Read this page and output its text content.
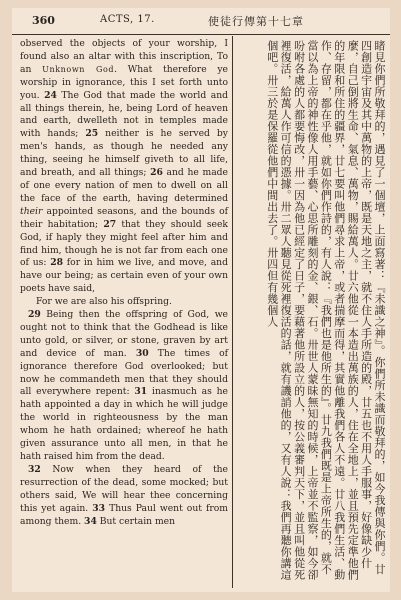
360	ACTS, 17.	使徒行傳第十七章

observed the objects of your worship, I found also an altar with this inscription, To an Unknown God. What therefore ye worship in ignorance, this I set forth unto you. 24 The God that made the world and all things therein, he, being Lord of heaven and earth, dwelleth not in temples made with hands; 25 neither is he served by men's hands, as though he needed any thing, seeing he himself giveth to all life, and breath, and all things; 26 and he made of one every nation of men to dwell on all the face of the earth, having determined their appointed seasons, and the bounds of their habitation; 27 that they should seek God, if haply they might feel after him and find him, though he is not far from each one of us: 28 for in him we live, and move, and have our being; as certain even of your own poets have said,

For we are also his offspring.

29 Being then the offspring of God, we ought not to think that the Godhead is like unto gold, or silver, or stone, graven by art and device of man. 30 The times of ignorance therefore God overlooked; but now he commandeth men that they should all everywhere repent: 31 inasmuch as he hath appointed a day in which he will judge the world in righteousness by the man whom he hath ordained; whereof he hath given assurance unto all men, in that he hath raised him from the dead.

32 Now when they heard of the resurrection of the dead, some mocked; but others said, We will hear thee concerning this yet again. 33 Thus Paul went out from among them. 34 But certain men	睹見你們所敬拜的，遇見了一個壇，上面寫著：『未識之神』。你們所未識而敬拜的，如今我傳與你們。廿四創造宇宙及其中萬物的上帝，既是天地之主，就不住人手所造的殿，廿五也不用人手服事，好像缺少什麼，自己倒將生命、氣息、萬物，賜給萬人。廿六他從一本造出萬族的人，住在全地上，並且預先定準他們的年限和所住的疆界，廿七要叫他們尋求上帝，或者揣摩而得，其實他離我們各人不遠。廿八我們生活、動作、存留，都在乎他，就如你們作詩的，有人說：『我們也是他所生的』。廿九我們既是上帝所生的，就不當以為上帝的神性像人用手藝、心思所雕刻的金、銀、石。卅世人蒙昧無知的時候，上帝並不監察，如今卻吩咐各處的人都要悔改，卅一因為他已經定了日子，要藉著他所設立的人，按公義審判天下，並且叫他從死裡復活，給萬人作可信的憑據。卅二眾人聽見從死裡復活的話，就有譏誚他的，又有人說：我們再聽你講這個吧。卅三於是保羅從他們中間出去了。卅四但有幾個人
